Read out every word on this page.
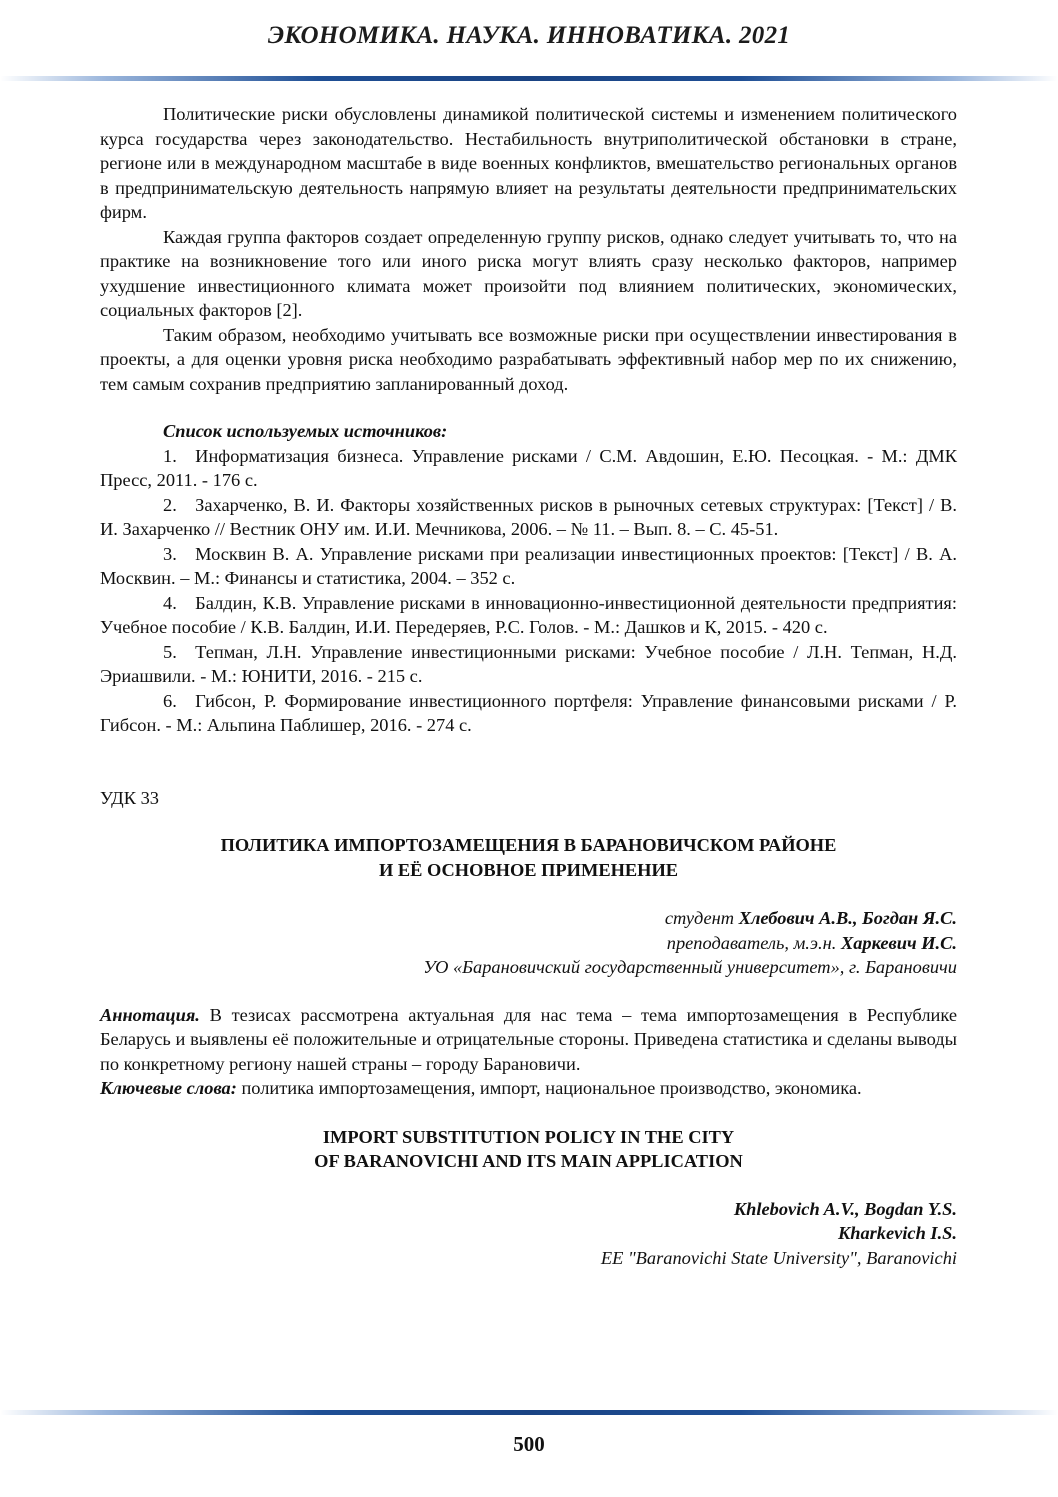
ЭКОНОМИКА. НАУКА. ИННОВАТИКА. 2021

Политические риски обусловлены динамикой политической системы и изменением политического курса государства через законодательство. Нестабильность внутриполитической обстановки в стране, регионе или в международном масштабе в виде военных конфликтов, вмешательство региональных органов в предпринимательскую деятельность напрямую влияет на результаты деятельности предпринимательских фирм.

Каждая группа факторов создает определенную группу рисков, однако следует учитывать то, что на практике на возникновение того или иного риска могут влиять сразу несколько факторов, например ухудшение инвестиционного климата может произойти под влиянием политических, экономических, социальных факторов [2].

Таким образом, необходимо учитывать все возможные риски при осуществлении инвестирования в проекты, а для оценки уровня риска необходимо разрабатывать эффективный набор мер по их снижению, тем самым сохранив предприятию запланированный доход.

Список используемых источников:

1. Информатизация бизнеса. Управление рисками / С.М. Авдошин, Е.Ю. Песоцкая. - М.: ДМК Пресс, 2011. - 176 с.

2. Захарченко, В. И. Факторы хозяйственных рисков в рыночных сетевых структурах: [Текст] / В. И. Захарченко // Вестник ОНУ им. И.И. Мечникова, 2006. – № 11. – Вып. 8. – С. 45-51.

3. Москвин В. А. Управление рисками при реализации инвестиционных проектов: [Текст] / В. А. Москвин. – М.: Финансы и статистика, 2004. – 352 с.

4. Балдин, К.В. Управление рисками в инновационно-инвестиционной деятельности предприятия: Учебное пособие / К.В. Балдин, И.И. Передеряев, Р.С. Голов. - М.: Дашков и К, 2015. - 420 с.

5. Тепман, Л.Н. Управление инвестиционными рисками: Учебное пособие / Л.Н. Тепман, Н.Д. Эриашвили. - М.: ЮНИТИ, 2016. - 215 с.

6. Гибсон, Р. Формирование инвестиционного портфеля: Управление финансовыми рисками / Р. Гибсон. - М.: Альпина Паблишер, 2016. - 274 с.

УДК 33

ПОЛИТИКА ИМПОРТОЗАМЕЩЕНИЯ В БАРАНОВИЧСКОМ РАЙОНЕ
И ЕЁ ОСНОВНОЕ ПРИМЕНЕНИЕ
студент Хлебович А.В., Богдан Я.С.
преподаватель, м.э.н. Харкевич И.С.
УО «Барановичский государственный университет», г. Барановичи

Аннотация. В тезисах рассмотрена актуальная для нас тема – тема импортозамещения в Республике Беларусь и выявлены её положительные и отрицательные стороны. Приведена статистика и сделаны выводы по конкретному региону нашей страны – городу Барановичи.

Ключевые слова: политика импортозамещения, импорт, национальное производство, экономика.

IMPORT SUBSTITUTION POLICY IN THE CITY
OF BARANOVICHI AND ITS MAIN APPLICATION
Khlebovich A.V., Bogdan Y.S.
Kharkevich I.S.
EE "Baranovichi State University", Baranovichi
500
